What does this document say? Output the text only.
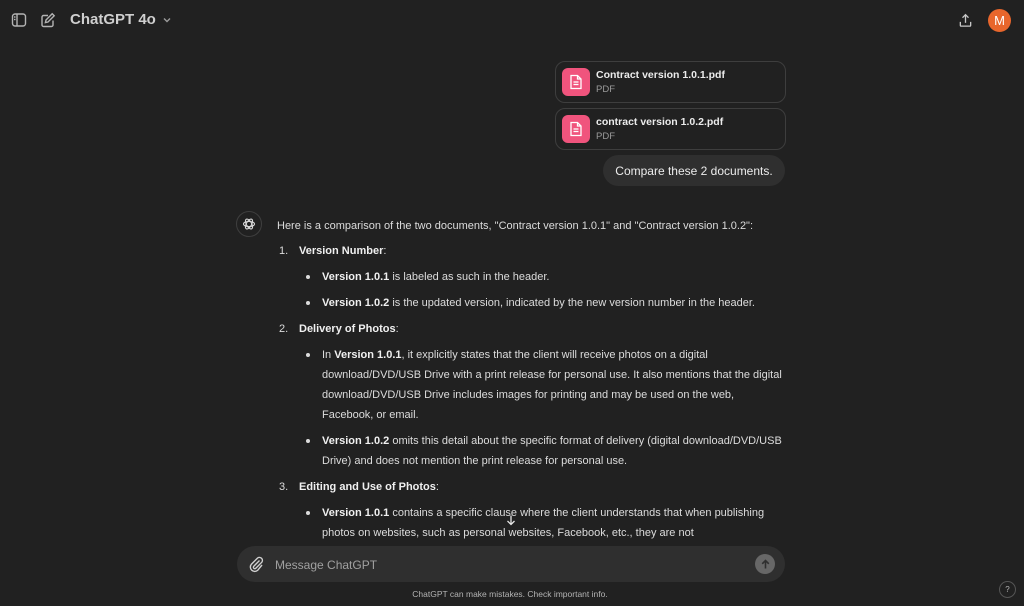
ChatGPT 4o	M
Contract version 1.0.1.pdf
PDF
contract version 1.0.2.pdf
PDF
Compare these 2 documents.

Here is a comparison of the two documents, "Contract version 1.0.1" and "Contract version 1.0.2":

1. Version Number:
Version 1.0.1 is labeled as such in the header.
Version 1.0.2 is the updated version, indicated by the new version number in the header.
2. Delivery of Photos:
In Version 1.0.1, it explicitly states that the client will receive photos on a digital download/DVD/USB Drive with a print release for personal use. It also mentions that the digital download/DVD/USB Drive includes images for printing and may be used on the web, Facebook, or email.
Version 1.0.2 omits this detail about the specific format of delivery (digital download/DVD/USB Drive) and does not mention the print release for personal use.
3. Editing and Use of Photos:
Version 1.0.1 contains a specific clause where the client understands that when publishing photos on websites, such as personal websites, Facebook, etc., they are not
Message ChatGPT
ChatGPT can make mistakes. Check important info.	?
